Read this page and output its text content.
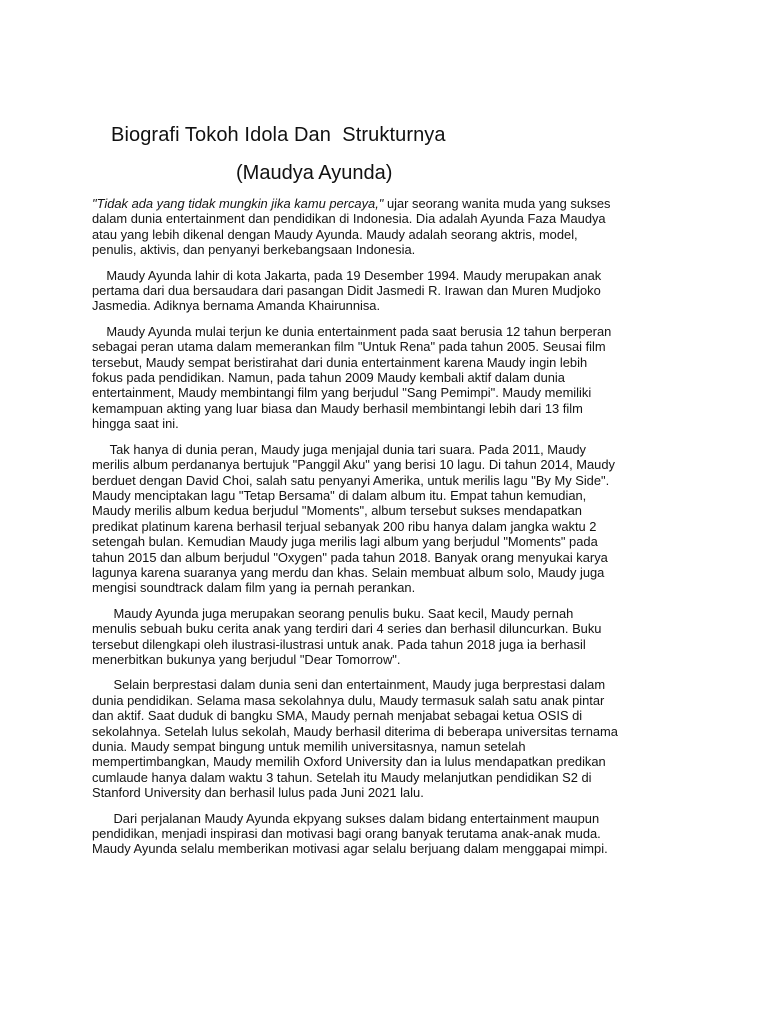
Biografi Tokoh Idola Dan  Strukturnya
(Maudya Ayunda)

"Tidak ada yang tidak mungkin jika kamu percaya," ujar seorang wanita muda yang sukses
dalam dunia entertainment dan pendidikan di Indonesia. Dia adalah Ayunda Faza Maudya
atau yang lebih dikenal dengan Maudy Ayunda. Maudy adalah seorang aktris, model,
penulis, aktivis, dan penyanyi berkebangsaan Indonesia.

Maudy Ayunda lahir di kota Jakarta, pada 19 Desember 1994. Maudy merupakan anak
pertama dari dua bersaudara dari pasangan Didit Jasmedi R. Irawan dan Muren Mudjoko
Jasmedia. Adiknya bernama Amanda Khairunnisa.

Maudy Ayunda mulai terjun ke dunia entertainment pada saat berusia 12 tahun berperan
sebagai peran utama dalam memerankan film "Untuk Rena" pada tahun 2005. Seusai film
tersebut, Maudy sempat beristirahat dari dunia entertainment karena Maudy ingin lebih
fokus pada pendidikan. Namun, pada tahun 2009 Maudy kembali aktif dalam dunia
entertainment, Maudy membintangi film yang berjudul "Sang Pemimpi". Maudy memiliki
kemampuan akting yang luar biasa dan Maudy berhasil membintangi lebih dari 13 film
hingga saat ini.

Tak hanya di dunia peran, Maudy juga menjajal dunia tari suara. Pada 2011, Maudy
merilis album perdananya bertujuk "Panggil Aku" yang berisi 10 lagu. Di tahun 2014, Maudy
berduet dengan David Choi, salah satu penyanyi Amerika, untuk merilis lagu "By My Side".
Maudy menciptakan lagu "Tetap Bersama" di dalam album itu. Empat tahun kemudian,
Maudy merilis album kedua berjudul "Moments", album tersebut sukses mendapatkan
predikat platinum karena berhasil terjual sebanyak 200 ribu hanya dalam jangka waktu 2
setengah bulan. Kemudian Maudy juga merilis lagi album yang berjudul "Moments" pada
tahun 2015 dan album berjudul "Oxygen" pada tahun 2018. Banyak orang menyukai karya
lagunya karena suaranya yang merdu dan khas. Selain membuat album solo, Maudy juga
mengisi soundtrack dalam film yang ia pernah perankan.

Maudy Ayunda juga merupakan seorang penulis buku. Saat kecil, Maudy pernah
menulis sebuah buku cerita anak yang terdiri dari 4 series dan berhasil diluncurkan. Buku
tersebut dilengkapi oleh ilustrasi-ilustrasi untuk anak. Pada tahun 2018 juga ia berhasil
menerbitkan bukunya yang berjudul "Dear Tomorrow".

Selain berprestasi dalam dunia seni dan entertainment, Maudy juga berprestasi dalam
dunia pendidikan. Selama masa sekolahnya dulu, Maudy termasuk salah satu anak pintar
dan aktif. Saat duduk di bangku SMA, Maudy pernah menjabat sebagai ketua OSIS di
sekolahnya. Setelah lulus sekolah, Maudy berhasil diterima di beberapa universitas ternama
dunia. Maudy sempat bingung untuk memilih universitasnya, namun setelah
mempertimbangkan, Maudy memilih Oxford University dan ia lulus mendapatkan predikan
cumlaude hanya dalam waktu 3 tahun. Setelah itu Maudy melanjutkan pendidikan S2 di
Stanford University dan berhasil lulus pada Juni 2021 lalu.

Dari perjalanan Maudy Ayunda ekpyang sukses dalam bidang entertainment maupun
pendidikan, menjadi inspirasi dan motivasi bagi orang banyak terutama anak-anak muda.
Maudy Ayunda selalu memberikan motivasi agar selalu berjuang dalam menggapai mimpi.
